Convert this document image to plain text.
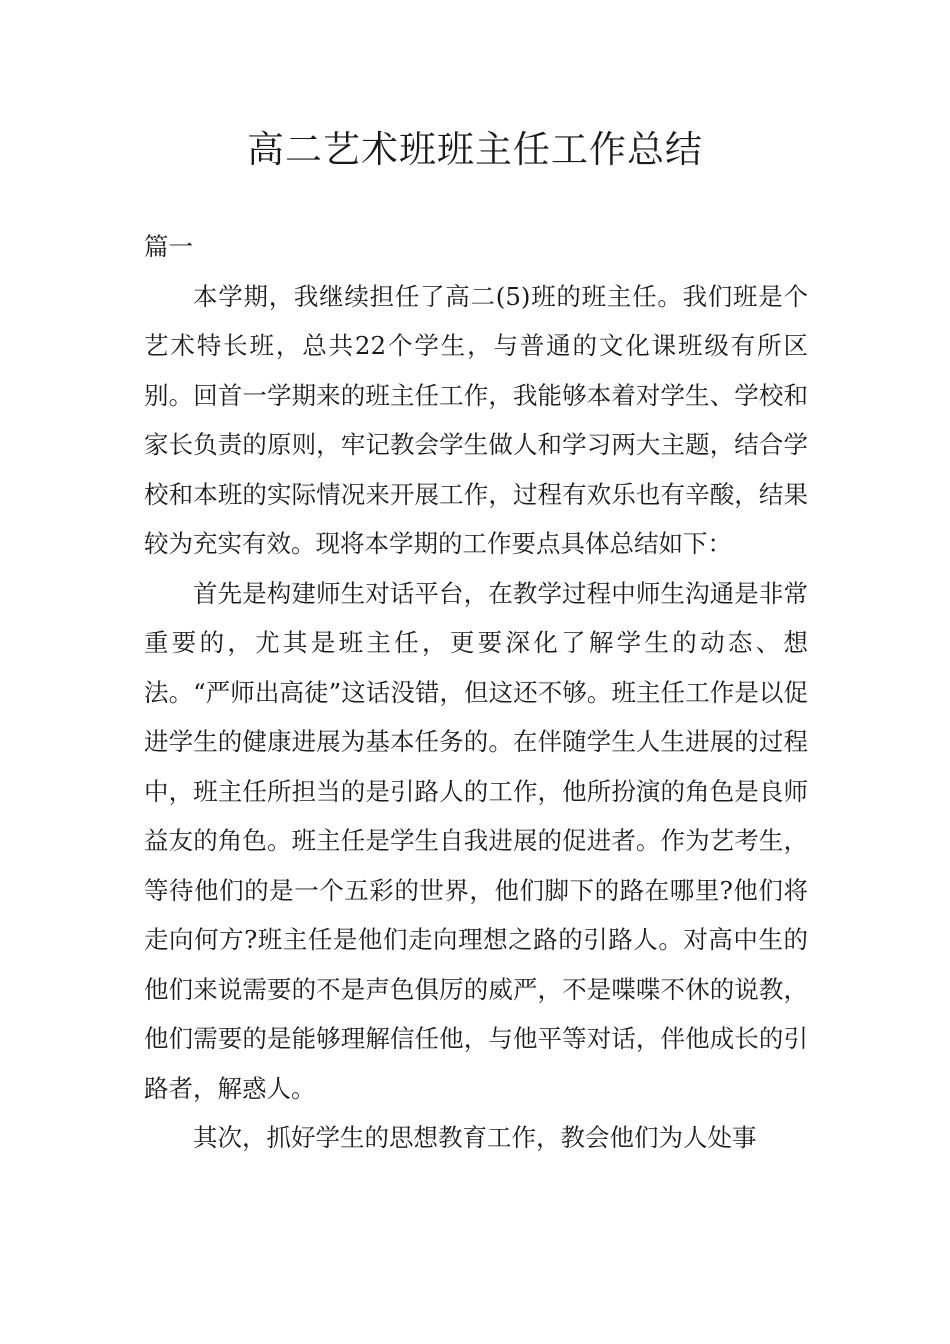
高二艺术班班主任工作总结

篇一

本学期，我继续担任了高二(5)班的班主任。我们班是个艺术特长班，总共22个学生，与普通的文化课班级有所区别。回首一学期来的班主任工作，我能够本着对学生、学校和家长负责的原则，牢记教会学生做人和学习两大主题，结合学校和本班的实际情况来开展工作，过程有欢乐也有辛酸，结果较为充实有效。现将本学期的工作要点具体总结如下：

首先是构建师生对话平台，在教学过程中师生沟通是非常重要的，尤其是班主任，更要深化了解学生的动态、想法。“严师出高徒”这话没错，但这还不够。班主任工作是以促进学生的健康进展为基本任务的。在伴随学生人生进展的过程中，班主任所担当的是引路人的工作，他所扮演的角色是良师益友的角色。班主任是学生自我进展的促进者。作为艺考生，等待他们的是一个五彩的世界，他们脚下的路在哪里?他们将走向何方?班主任是他们走向理想之路的引路人。对高中生的他们来说需要的不是声色俱厉的威严，不是喋喋不休的说教，他们需要的是能够理解信任他，与他平等对话，伴他成长的引路者，解惑人。

其次，抓好学生的思想教育工作，教会他们为人处事
